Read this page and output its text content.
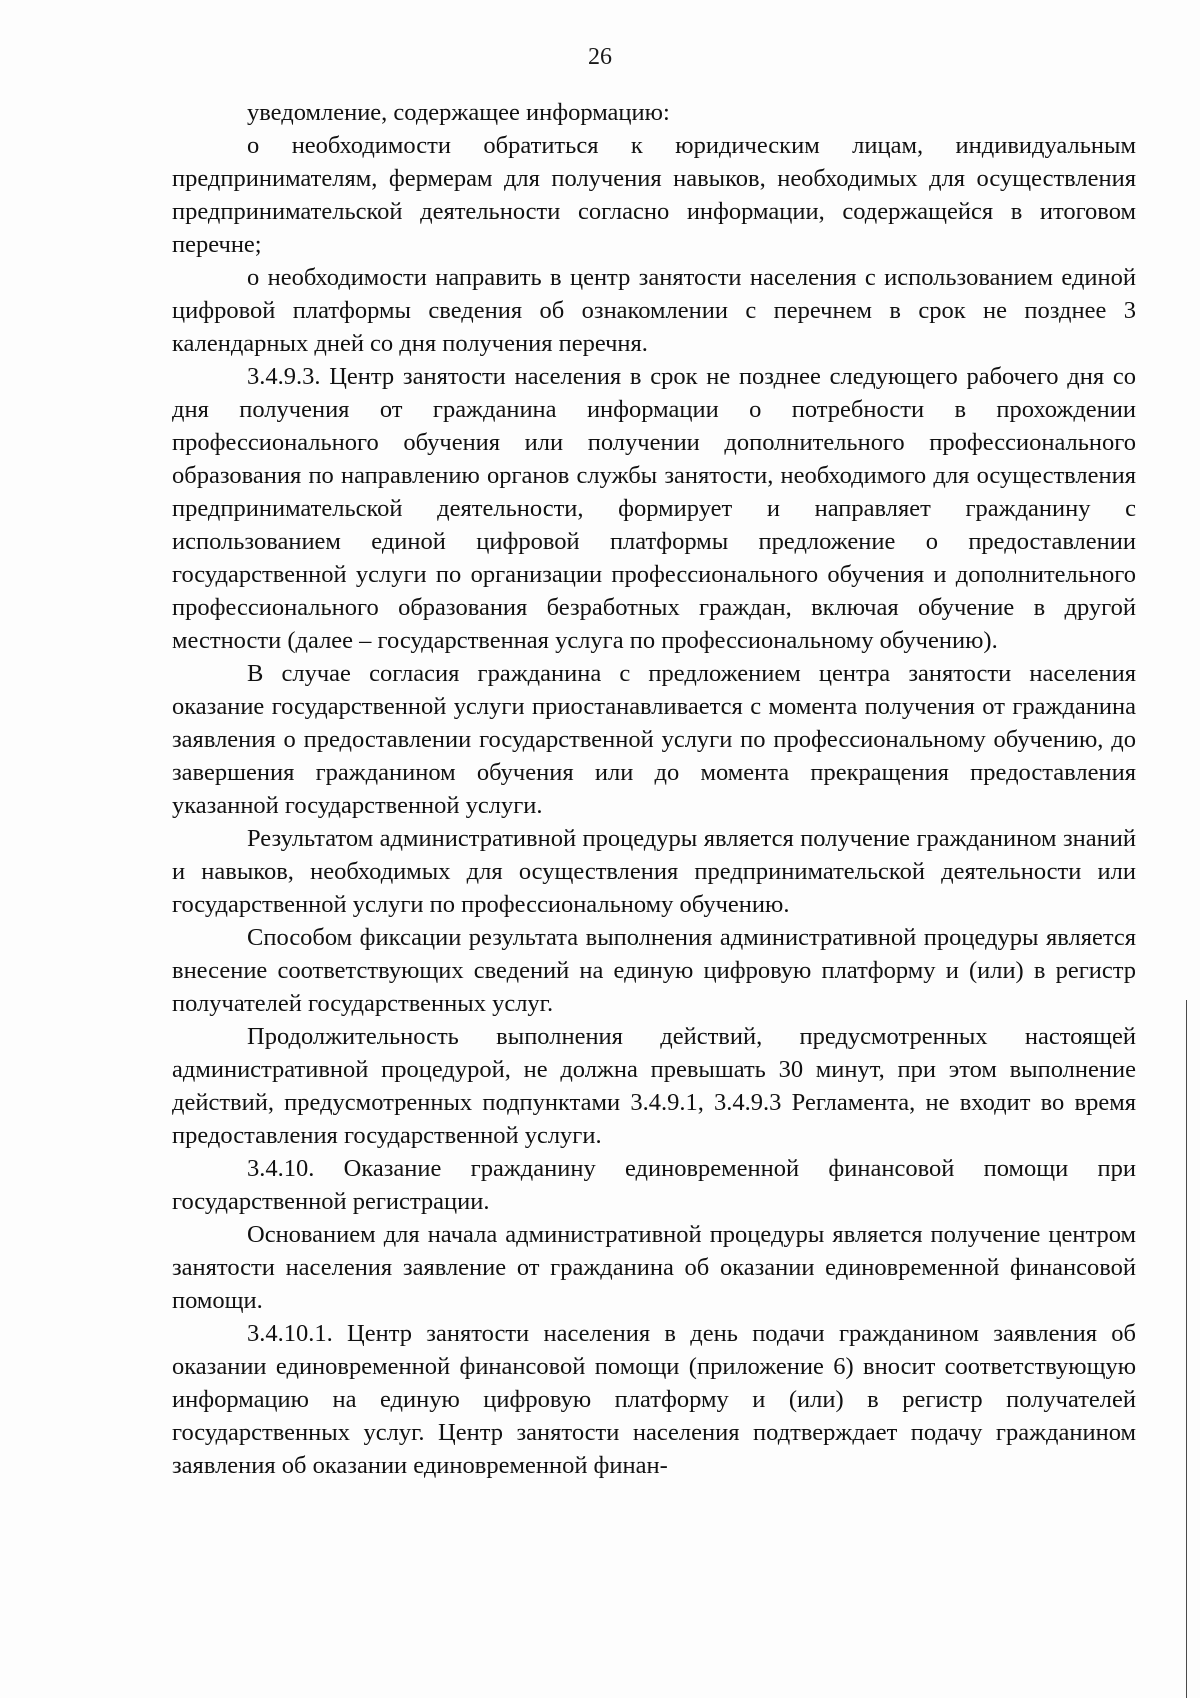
26

уведомление, содержащее информацию:

о необходимости обратиться к юридическим лицам, индивидуальным предпринимателям, фермерам для получения навыков, необходимых для осуществления предпринимательской деятельности согласно информации, содержащейся в итоговом перечне;

о необходимости направить в центр занятости населения с использованием единой цифровой платформы сведения об ознакомлении с перечнем в срок не позднее 3 календарных дней со дня получения перечня.

3.4.9.3. Центр занятости населения в срок не позднее следующего рабочего дня со дня получения от гражданина информации о потребности в прохождении профессионального обучения или получении дополнительного профессионального образования по направлению органов службы занятости, необходимого для осуществления предпринимательской деятельности, формирует и направляет гражданину с использованием единой цифровой платформы предложение о предоставлении государственной услуги по организации профессионального обучения и дополнительного профессионального образования безработных граждан, включая обучение в другой местности (далее – государственная услуга по профессиональному обучению).

В случае согласия гражданина с предложением центра занятости населения оказание государственной услуги приостанавливается с момента получения от гражданина заявления о предоставлении государственной услуги по профессиональному обучению, до завершения гражданином обучения или до момента прекращения предоставления указанной государственной услуги.

Результатом административной процедуры является получение гражданином знаний и навыков, необходимых для осуществления предпринимательской деятельности или государственной услуги по профессиональному обучению.

Способом фиксации результата выполнения административной процедуры является внесение соответствующих сведений на единую цифровую платформу и (или) в регистр получателей государственных услуг.

Продолжительность выполнения действий, предусмотренных настоящей административной процедурой, не должна превышать 30 минут, при этом выполнение действий, предусмотренных подпунктами 3.4.9.1, 3.4.9.3 Регламента, не входит во время предоставления государственной услуги.

3.4.10. Оказание гражданину единовременной финансовой помощи при государственной регистрации.

Основанием для начала административной процедуры является получение центром занятости населения заявление от гражданина об оказании единовременной финансовой помощи.

3.4.10.1. Центр занятости населения в день подачи гражданином заявления об оказании единовременной финансовой помощи (приложение 6) вносит соответствующую информацию на единую цифровую платформу и (или) в регистр получателей государственных услуг. Центр занятости населения подтверждает подачу гражданином заявления об оказании единовременной финан-
